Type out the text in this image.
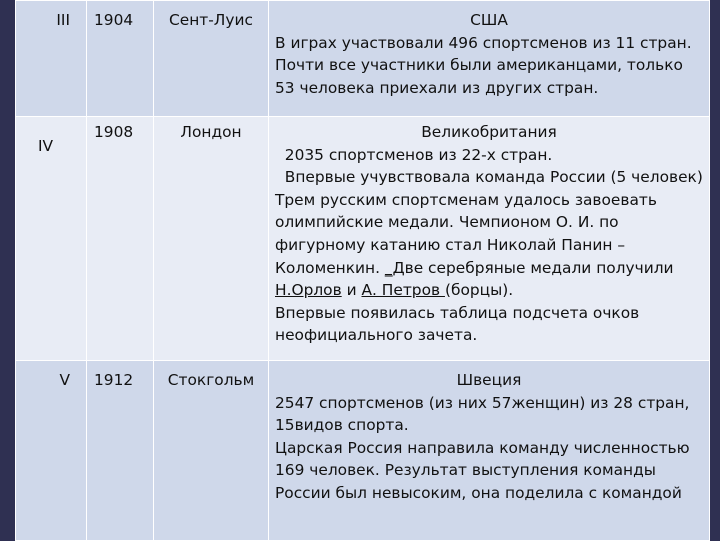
III	1904	Сент-Луис	США
В играх участвовали 496 спортсменов из 11 стран. Почти все участники были американцами, только 53 человека приехали из других стран.

IV	1908	Лондон	Великобритания
2035 спортсменов из 22-х стран.
Впервые учувствовала команда России (5 человек) Трем русским спортсменам удалось завоевать олимпийские медали. Чемпионом О. И. по фигурному катанию стал Николай Панин – Коломенкин. _Две серебряные медали получили Н.Орлов и А. Петров (борцы).
Впервые появилась таблица подсчета очков неофициального зачета.

V	1912	Стокгольм	Швеция
2547 спортсменов (из них 57женщин) из 28 стран, 15видов спорта.
Царская Россия направила команду численностью 169 человек. Результат выступления команды России был невысоким, она поделила с командой
